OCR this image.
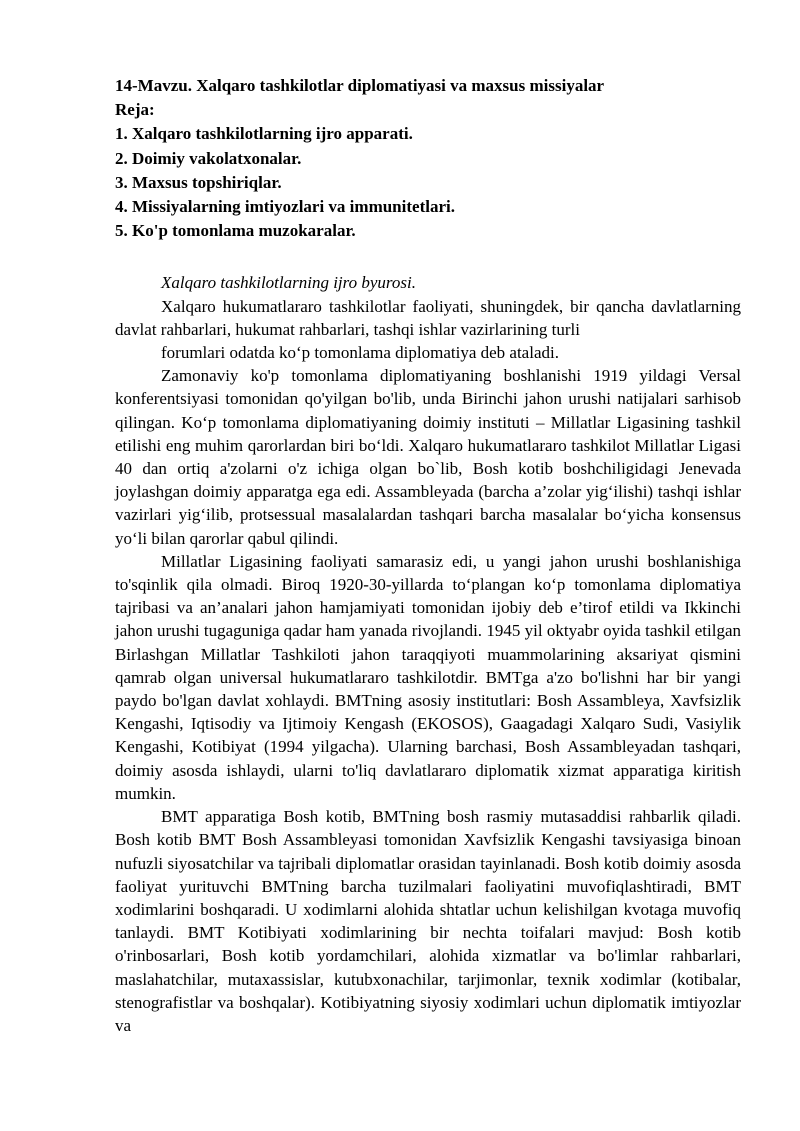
14-Mavzu. Xalqaro tashkilotlar diplomatiyasi va maxsus missiyalar

Reja:

1. Xalqaro tashkilotlarning ijro apparati.
2. Doimiy vakolatxonalar.
3. Maxsus topshiriqlar.
4. Missiyalarning imtiyozlari va immunitetlari.
5. Ko'p tomonlama muzokaralar.

Xalqaro tashkilotlarning ijro byurosi.

Xalqaro hukumatlararo tashkilotlar faoliyati, shuningdek, bir qancha davlatlarning davlat rahbarlari, hukumat rahbarlari, tashqi ishlar vazirlarining turli

forumlari odatda ko‘p tomonlama diplomatiya deb ataladi.

Zamonaviy ko'p tomonlama diplomatiyaning boshlanishi 1919 yildagi Versal konferentsiyasi tomonidan qo'yilgan bo'lib, unda Birinchi jahon urushi natijalari sarhisob qilingan. Ko‘p tomonlama diplomatiyaning doimiy instituti – Millatlar Ligasining tashkil etilishi eng muhim qarorlardan biri bo‘ldi. Xalqaro hukumatlararo tashkilot Millatlar Ligasi 40 dan ortiq a'zolarni o'z ichiga olgan bo`lib, Bosh kotib boshchiligidagi Jenevada joylashgan doimiy apparatga ega edi. Assambleyada (barcha a’zolar yig‘ilishi) tashqi ishlar vazirlari yig‘ilib, protsessual masalalardan tashqari barcha masalalar bo‘yicha konsensus yo‘li bilan qarorlar qabul qilindi.

Millatlar Ligasining faoliyati samarasiz edi, u yangi jahon urushi boshlanishiga to'sqinlik qila olmadi. Biroq 1920-30-yillarda to‘plangan ko‘p tomonlama diplomatiya tajribasi va an’analari jahon hamjamiyati tomonidan ijobiy deb e’tirof etildi va Ikkinchi jahon urushi tugaguniga qadar ham yanada rivojlandi. 1945 yil oktyabr oyida tashkil etilgan Birlashgan Millatlar Tashkiloti jahon taraqqiyoti muammolarining aksariyat qismini qamrab olgan universal hukumatlararo tashkilotdir. BMTga a'zo bo'lishni har bir yangi paydo bo'lgan davlat xohlaydi. BMTning asosiy institutlari: Bosh Assambleya, Xavfsizlik Kengashi, Iqtisodiy va Ijtimoiy Kengash (EKOSOS), Gaagadagi Xalqaro Sudi, Vasiylik Kengashi, Kotibiyat (1994 yilgacha). Ularning barchasi, Bosh Assambleyadan tashqari, doimiy asosda ishlaydi, ularni to'liq davlatlararo diplomatik xizmat apparatiga kiritish mumkin.

BMT apparatiga Bosh kotib, BMTning bosh rasmiy mutasaddisi rahbarlik qiladi. Bosh kotib BMT Bosh Assambleyasi tomonidan Xavfsizlik Kengashi tavsiyasiga binoan nufuzli siyosatchilar va tajribali diplomatlar orasidan tayinlanadi. Bosh kotib doimiy asosda faoliyat yurituvchi BMTning barcha tuzilmalari faoliyatini muvofiqlashtiradi, BMT xodimlarini boshqaradi. U xodimlarni alohida shtatlar uchun kelishilgan kvotaga muvofiq tanlaydi. BMT Kotibiyati xodimlarining bir nechta toifalari mavjud: Bosh kotib o'rinbosarlari, Bosh kotib yordamchilari, alohida xizmatlar va bo'limlar rahbarlari, maslahatchilar, mutaxassislar, kutubxonachilar, tarjimonlar, texnik xodimlar (kotibalar, stenografistlar va boshqalar). Kotibiyatning siyosiy xodimlari uchun diplomatik imtiyozlar va
